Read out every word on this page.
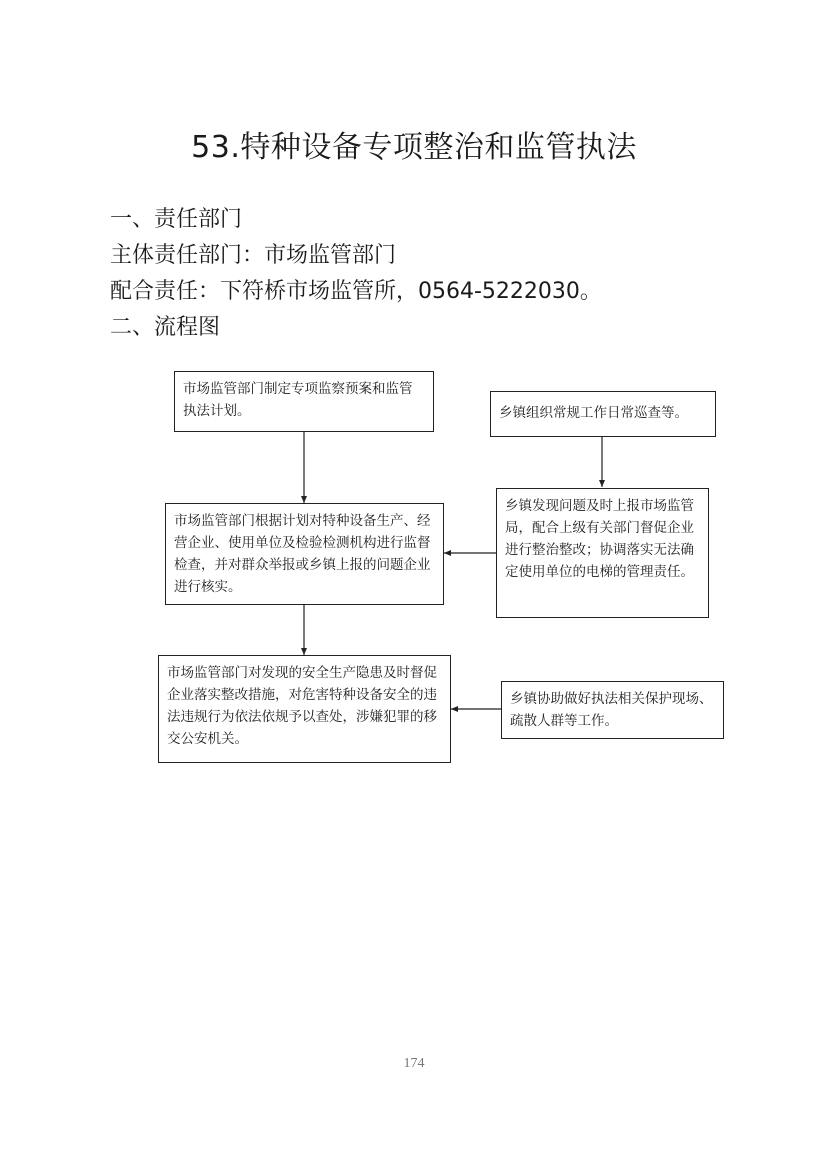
53.特种设备专项整治和监管执法
一、责任部门
主体责任部门：市场监管部门
配合责任：下符桥市场监管所，0564-5222030。
二、流程图
市场监管部门制定专项监察预案和监管执法计划。	乡镇组织常规工作日常巡查等。
市场监管部门根据计划对特种设备生产、经营企业、使用单位及检验检测机构进行监督检查，并对群众举报或乡镇上报的问题企业进行核实。
乡镇发现问题及时上报市场监管局，配合上级有关部门督促企业进行整治整改；协调落实无法确定使用单位的电梯的管理责任。
市场监管部门对发现的安全生产隐患及时督促企业落实整改措施，对危害特种设备安全的违法违规行为依法依规予以查处，涉嫌犯罪的移交公安机关。
乡镇协助做好执法相关保护现场、疏散人群等工作。
174
